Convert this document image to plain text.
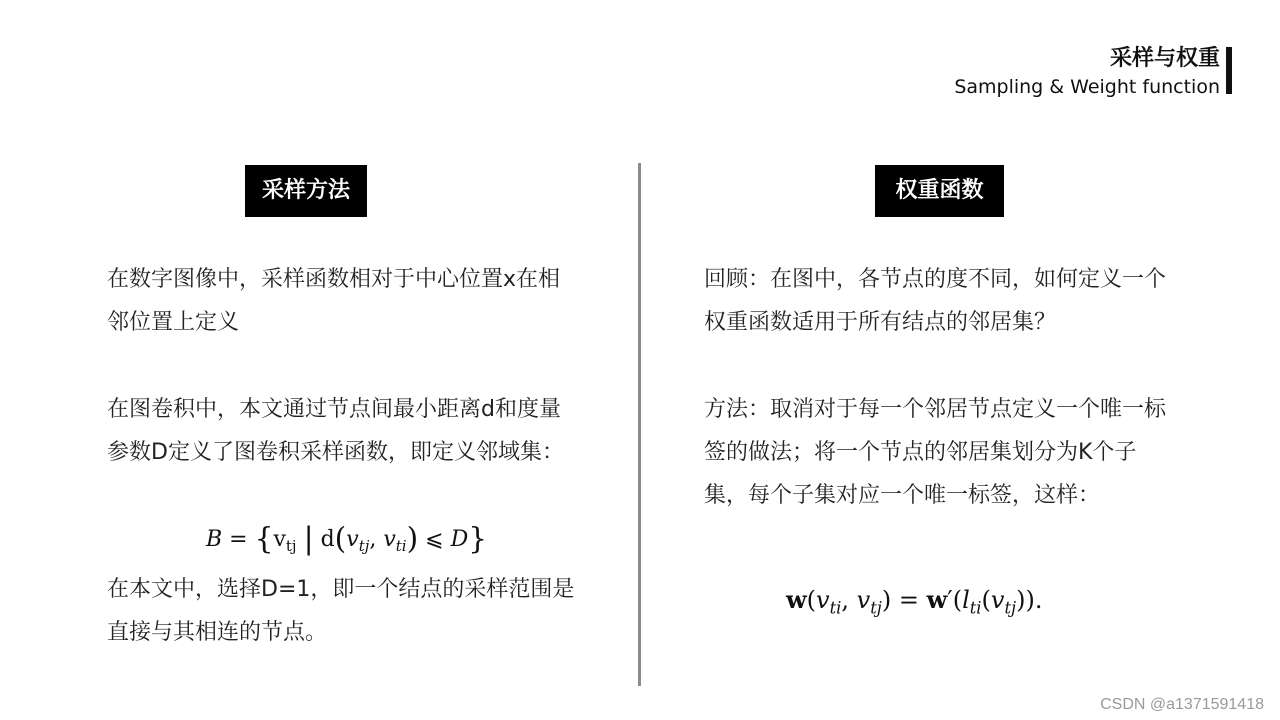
采样与权重
Sampling & Weight function
采样方法
在数字图像中，采样函数相对于中心位置x在相邻位置上定义
在图卷积中，本文通过节点间最小距离d和度量参数D定义了图卷积采样函数，即定义邻域集：
$B = \{v_{tj}$ | $d(v_{tj}$, $v_{ti}$) ⩽ D}
在本文中，选择D=1，即一个结点的采样范围是直接与其相连的节点。
权重函数
回顾：在图中，各节点的度不同，如何定义一个权重函数适用于所有结点的邻居集？
方法：取消对于每一个邻居节点定义一个唯一标签的做法；将一个节点的邻居集划分为K个子集，每个子集对应一个唯一标签，这样：
$w(v_{ti}$, $v_{tj}) = w'(l_{ti}(v_{tj}))$.
CSDN @a1371591418
